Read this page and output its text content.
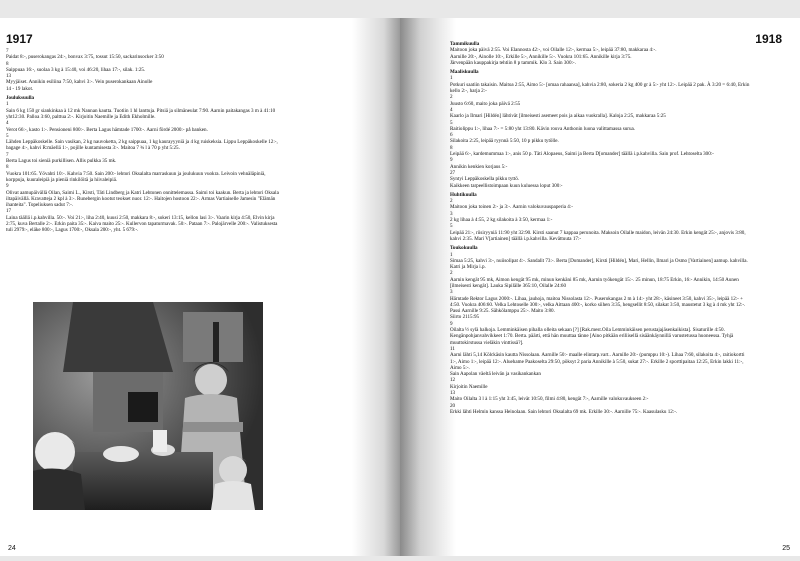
1917

7

Paidat 8:-, puserokangas 24:-, bonvax 3:75, tossut 15:50, sackarinsocker 3:50

8

Saippuaa 16:-, suolaa 3 kg à 15:40, voi 46:20, lihaa 17:-, silak. 1:25.

13

Myyjäiset. Annikin esiliina 7:50, kahvi 3:-. Vein puserokankaan Ainolle

14 - 19 lakot.

Jouluksuulla

1

Sain 6 kg 150 gr siankinkaa à 12 mk Nannan kautta. Tuotiin 1 hl lanttuja. Pitsiä ja silmäneulat 7:90. Aarnin paitakangas 3 m à 41:10 yht12:30. Palloa 3:60, palttua 2:-. Kirjoitin Naemille ja Edith Ekholmille.

4

Verot 66:-, kasto 1:-. Pensioneni 800:-. Berta Lagus hämtade 1700:-. Aarni fördé 2000:- på banken.

5

Lähden Leppäkoskelle. Sain vasikan, 2 kg nauvoketta, 2 kg saippuaa, 1 kg kaurayyyniä ja 4 kg ruiskeksia. Lippu Leppäkoskelle 12:-, bagage 4:-, kahvi R:mäellä 1:-, pojille kuntamisesta 3:-. Maitoa 7 ¾ l à 70 p yht 5:25.

7

Berta Lagus toi sieniä purkillisen. Allis pulkka 35 mk.

8

Vuokra 101:65. Yövahti 10:-. Kahvia 7:50. Sain 200:- lehtori Oksalalta marraskuun ja joulukuun vuokra. Leivoin vehnäläpiniä, korppuja, kuuraleipiä ja pieniä rinkilöitä ja hiivaleipiä.

9

Olivat aamupäivällä Oilan, Saimi L., Kirsti, Täti Lindberg ja Katri Lehtonen onnittelemassa. Saimi toi kaakun. Berta ja lehtori Oksala iltapäivällä. Kravatteja 2 kpl à 3:-. Runebergin kootut teokset nuor. 12:-. Haitojen hostoon 22:-. Armas Vartiaiselle Jamesin "Elämän ihanteita". Topeliuksen sadut 7:-.

17

Laina täällä i.p.kahvilla. 50:-. Voi 21:-, liha 2:40, kuusi 2:50, makkara 8:-, sokeri 13:15, kellon lasi 3:-. Vaarin kirja 4:50, Elvin kirja 2:75, kuva Bertalle 2:-. Erkin paita 35:-. Kaiva maito 25:-. Kullervon tapaturmavak. 50:-. Pataan 7:-. Palojärvelle 200:-. Valistuksesta tuli 2979:-, eläke 800:-, Lagus 1700:-, Oksala 200:-, yht. 5 679:-.

24
1918

Tammikuulla

Maitoon joka päivä 2:55. Voi Elannosta 42:-, voi Oilalle 12:-, kermaa 5:-, leipää 37:80, makkaraa 4:-.

Aarnille 20:-, Ainolle 10:-, Erkille 5:-, Annikille 5:-. Vuokra 101:65. Annikille kirja 3:75.

Järvenpään kauppakirja tehtiin 8 p tammik. Klo 3. Sain 300:-.

Maaliskuulla

1

Potkuri saatiin takaisin. Maitoa 2:55, Aimo 5:- [omaa rahaansa], kahvia 2:80, sokeria 2 kg 400 gr à 5:- yht 12:-. Leipää 2 pak. À 3:20 = 6:40, Erkin kello 2:-, harja 2:-

2

Juusto 6:60, maito joka päivä 2:55

4

Kaarlo ja Ilmari [Hildén] lähtivät [ilmeisesti asemeet pois ja aikaa vuokralla]. Kaloja 2:25, makkaraa 5:25

5

Raitiolippu 1:-, lihaa 7:- = 5:80 yht 13:80. Kävin rouva Anthonin luona valittamassa surua.

6

Silakoita 2:25, leipää ryynnä 5:50, 10 p pikku tytölle.

8

Leipää 6:-, kardemummaa 1:-, anis 50 p. Täti Alopaeus, Saimi ja Berta D[omander] täällä i.p.kahvilla. Sain prof. Lehtoselta 300:-

9

Annikin kenkien korjaus 5:-

27

Syntyi Leppäkoskella pikku tyttö.

Kaikkeen tarpeellistoimpaan kuun kuluessa loput 300:-

Huhtikuulla

2

Maitoon joka toinen 2:- ja 3:-. Aarnin valokuvauspaperia 4:-

3

2 kg lihaa à 4:55, 2 kg silakoita à 3:50, kermaa 1:-

5

Leipää 21:-, riisiryyniä 11:90 yht 32:90. Kirsti saanut 7 kappaa perunoita. Maksoin Oilalle maidon, leivän 24:30. Erkin kengät 25:-, anjovis 3:80, kahvi 2:35. Mari V[artiainen] täällä i.p.kahvilla. Kevättuuta 17:-

Toukokuulla

1

Simaa 5:25, kahvi 3:-, nuiisolipat 4:-. Sandalit 73:-. Berta [Domander], Kirsti [Hildén], Mari, Hellin, Ilmari ja Osmo [Vartiainen] aamup. kahvilla. Katri ja Mirja i.p.

2

Aarnin kengät 95 mk, Aimon kengät 95 mk, minun kenkäni 85 mk, Aarnin työkengät 15:-. 25 minun, 18:75 Erkin, 16:- Annikin, 14:50 Aunen [ilmeisesti kengät]. Lauka Sipilälle 365:10, Oilalle 24:60

3

Härntade Rektor Lagus 2000:-. Lihaa, jauhoja, maitoa Nissolasta 12:-. Puserokangas 2 m à 14:- yht 28:-, käsineet 3:50, kahvi 35:-, leipää 12:- + 4:50. Vuokra 406:60. Velka Lehtoselle 300:-, velka Aittaan 400:-, korko siihen 3:35, hengsellit 8:50, silakat 3:50, maustetut 3 kg à 4 mk yht 12:-.

Passi Aarnille 9:25. Sähkölamppu 25:-. Maito 3:80.

Siirto 2115:95

9

Oilalta ½ sylä halkoja. Lemminkäisen pihalla olleita sekaan [?] [Rak.mest.Oila Lemminkäisen perustajajäsenkaikista]. Sisaturille 4:50. Kengänpohjanvahvikkeet 1:70. Berta. päärti, että hän muuttaa tänne [Aino pitkään eriliisellä sisäänkäynnillä varustetussa huoneessa. Tyhjä muuttokirstussa vieläkin vinttissä?].

11

Aarni lähti 5,14 Kölckäsin kautta Nissolaan. Aarnille 50:- maalle elintarp.vart.. Aarnille 20:- (pumppu 10:-). Lihaa 7:60, silakoita 4:-, raitiokortti 1:-, Aimo 1:-, leipää 12:-. Aluehame Paakoselta 29:50, pöksyt 2 paria Annikille à 5:50, sukat 27:-. Erkille 2 sporttipaitaa 12:25, Erkin lakki 11:-, Aimo 5:-.

Sain Aapolan väeltä leivän ja vasikankankan

12

Kirjoitin Naemille

13

Maito Oilalta 3 l à 1:15 yht 3:45, leivät 10:50, filmi 4:80, kengät 7:-, Aarnille valokuvaukseen 2:-

20

Erkki lähti Helmin kanssa Heinolaan. Sain lehtori Oksalalta 69 mk. Erkille 30:-. Aarnille 75:-. Kaasulasku 12:-.

25
